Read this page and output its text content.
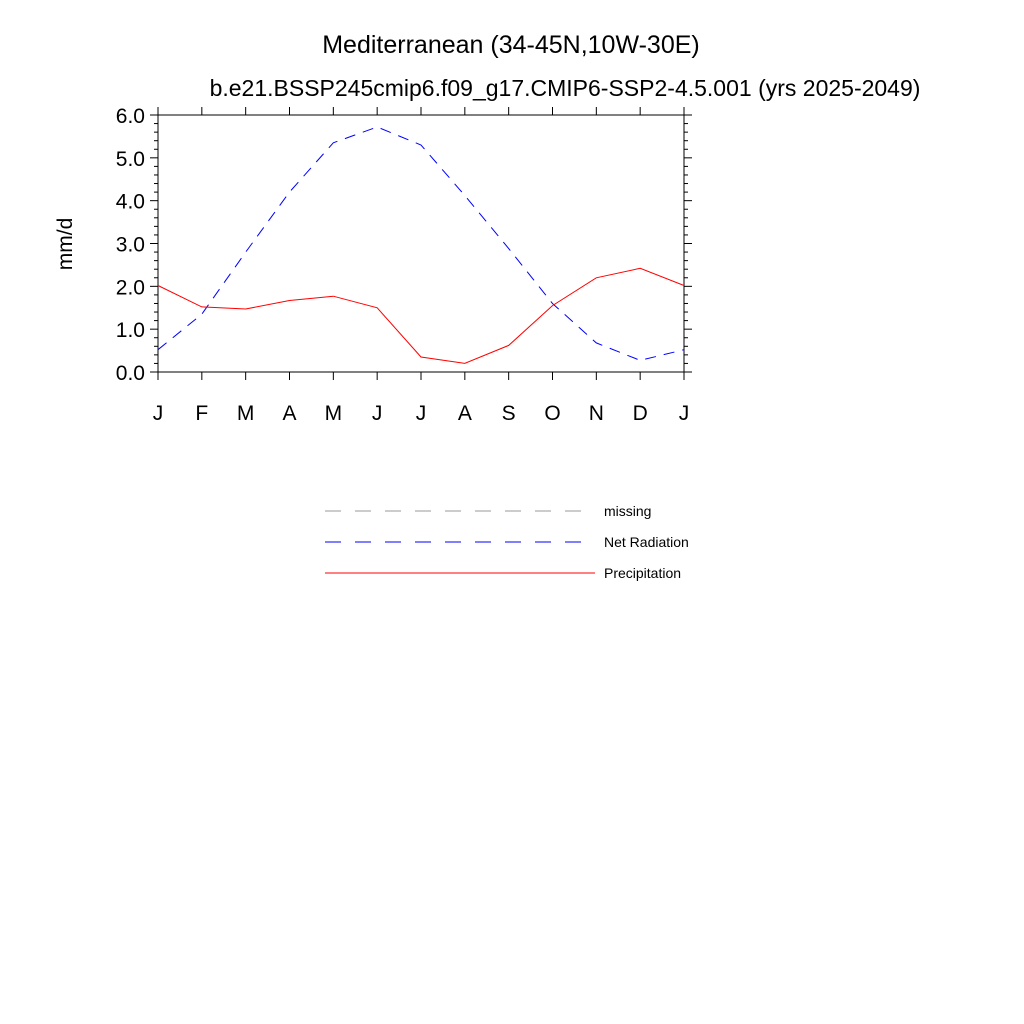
Mediterranean (34-45N,10W-30E)
b.e21.BSSP245cmip6.f09_g17.CMIP6-SSP2-4.5.001 (yrs 2025-2049)
mm/d
0.0
1.0
2.0
3.0
4.0
5.0
6.0
J F M A M J J A S O N D J
missing
Net Radiation
Precipitation
